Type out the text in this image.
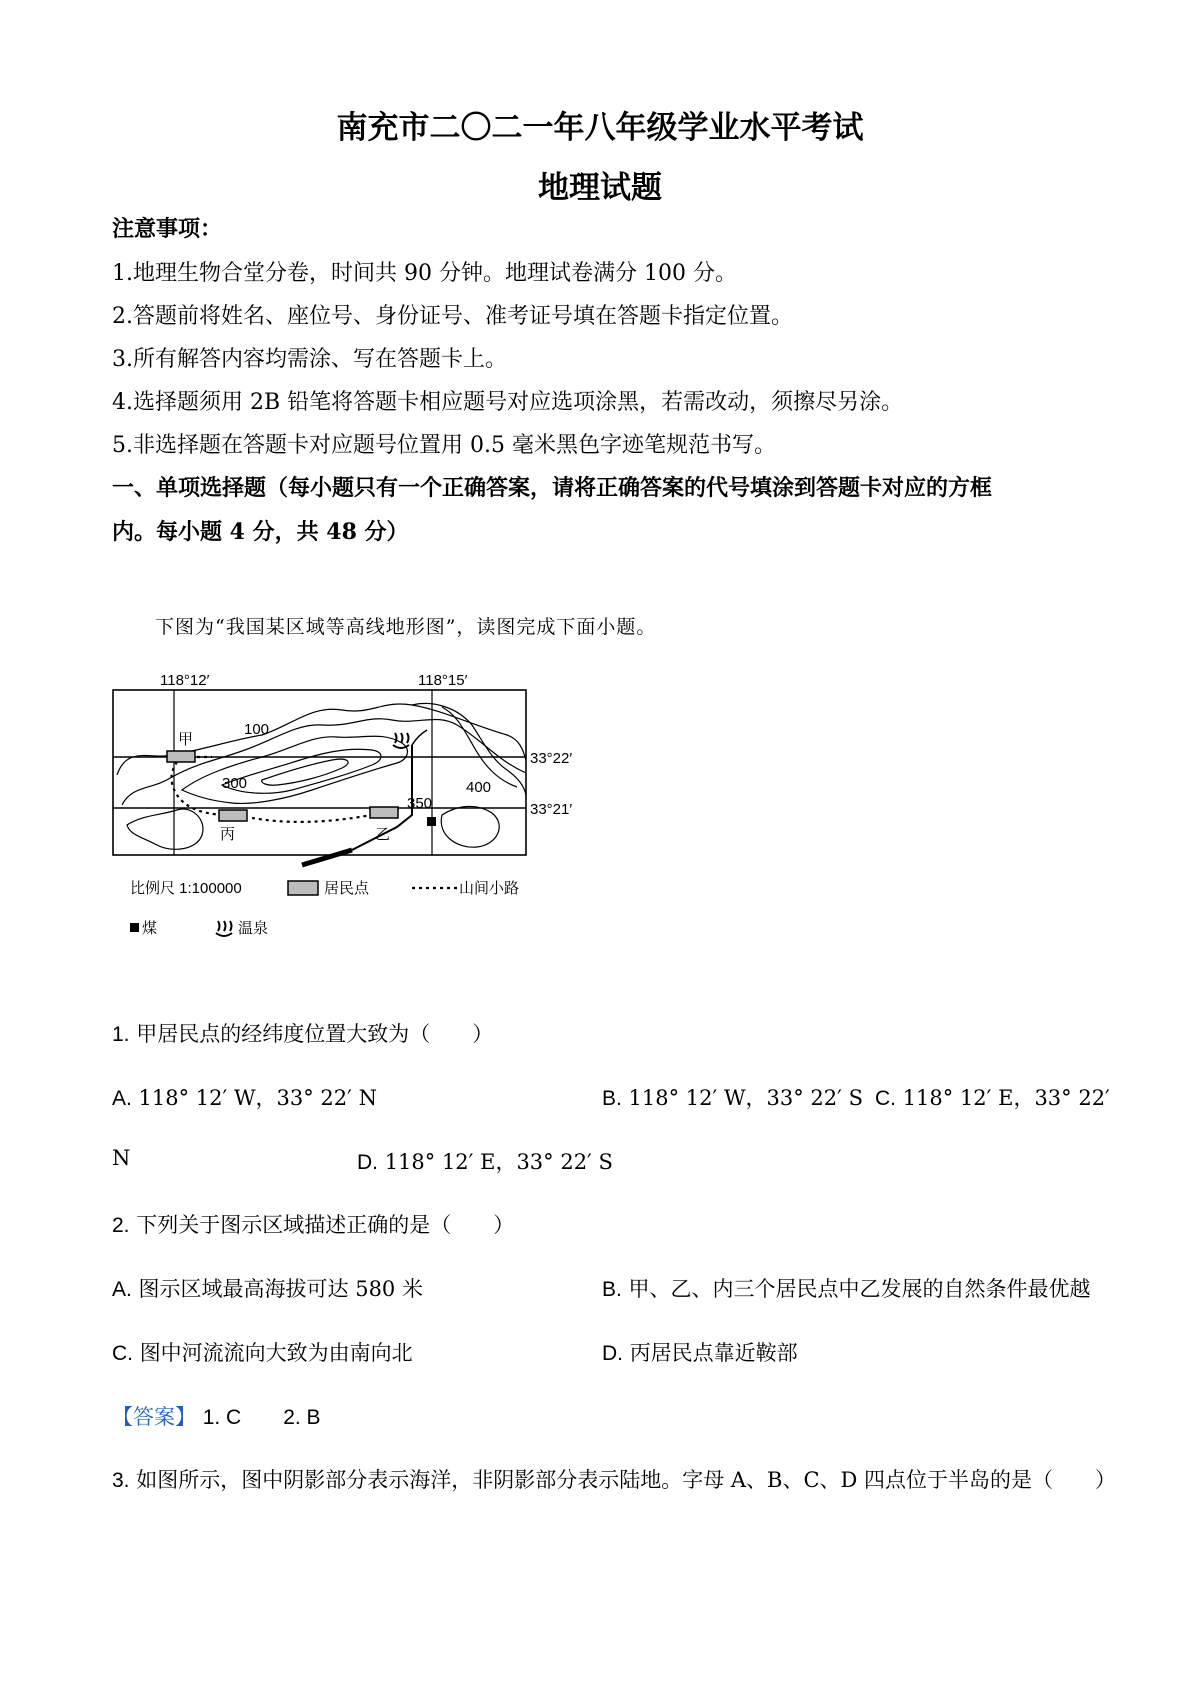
南充市二〇二一年八年级学业水平考试
地理试题
注意事项：
1.地理生物合堂分卷，时间共 90 分钟。地理试卷满分 100 分。
2.答题前将姓名、座位号、身份证号、准考证号填在答题卡指定位置。
3.所有解答内容均需涂、写在答题卡上。
4.选择题须用 2B 铅笔将答题卡相应题号对应选项涂黑，若需改动，须擦尽另涂。
5.非选择题在答题卡对应题号位置用 0.5 毫米黑色字迹笔规范书写。
一、单项选择题（每小题只有一个正确答案，请将正确答案的代号填涂到答题卡对应的方框
内。每小题 4 分，共 48 分）
下图为“我国某区域等高线地形图”，读图完成下面小题。
118°12′	118°15′
33°22′
33°21′
100
300
350
400
甲
丙	乙
比例尺 1:100000	居民点	山间小路
煤	温泉
1. 甲居民点的经纬度位置大致为（　　）
A. 118° 12′ W，33° 22′ N	B. 118° 12′ W，33° 22′ S C. 118° 12′ E，33° 22′
N	D. 118° 12′ E，33° 22′ S
2. 下列关于图示区域描述正确的是（　　）
A. 图示区域最高海拔可达 580 米	B. 甲、乙、内三个居民点中乙发展的自然条件最优越
C. 图中河流流向大致为由南向北	D. 丙居民点靠近鞍部
【答案】 1. C　　2. B
3. 如图所示，图中阴影部分表示海洋，非阴影部分表示陆地。字母 A、B、C、D 四点位于半岛的是（　　）
